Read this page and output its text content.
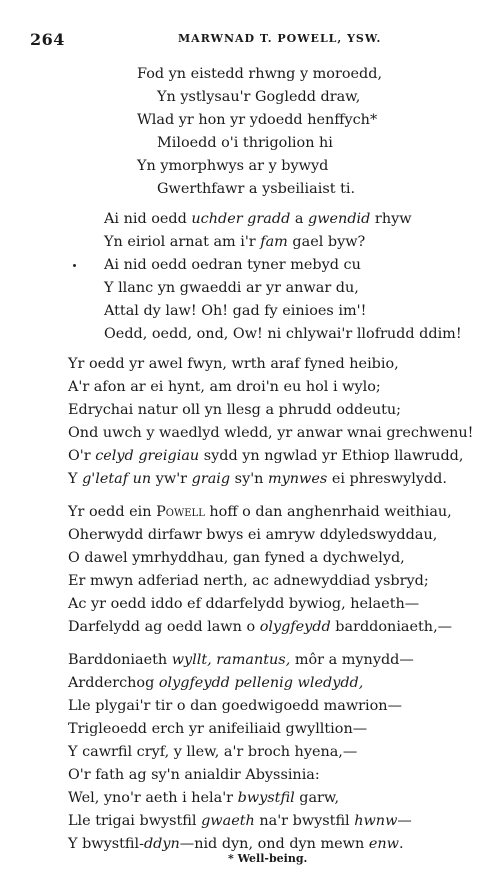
264	MARWNAD T. POWELL, YSW.
Fod yn eistedd rhwng y moroedd,
Yn ystlysau'r Gogledd draw,
Wlad yr hon yr ydoedd henffych*
Miloedd o'i thrigolion hi
Yn ymorphwys ar y bywyd
Gwerthfawr a ysbeiliaist ti.
Ai nid oedd uchder gradd a gwendid rhyw
Yn eiriol arnat am i'r fam gael byw?
Ai nid oedd oedran tyner mebyd cu
Y llanc yn gwaeddi ar yr anwar du,
Attal dy law! Oh! gad fy einioes im'!
Oedd, oedd, ond, Ow! ni chlywai'r llofrudd ddim!
Yr oedd yr awel fwyn, wrth araf fyned heibio,
A'r afon ar ei hynt, am droi'n eu hol i wylo;
Edrychai natur oll yn llesg a phrudd oddeutu;
Ond uwch y waedlyd wledd, yr anwar wnai grechwenu!
O'r celyd greigiau sydd yn ngwlad yr Ethiop llawrudd,
Y g'letaf un yw'r graig sy'n mynwes ei phreswylydd.
Yr oedd ein Powell hoff o dan anghenrhaid weithiau,
Oherwydd dirfawr bwys ei amryw ddyledswyddau,
O dawel ymrhyddhau, gan fyned a dychwelyd,
Er mwyn adferiad nerth, ac adnewyddiad ysbryd;
Ac yr oedd iddo ef ddarfelydd bywiog, helaeth—
Darfelydd ag oedd lawn o olygfeydd barddoniaeth,—
Barddoniaeth wyllt, ramantus, môr a mynydd—
Ardderchog olygfeydd pellenig wledydd,
Lle plygai'r tir o dan goedwigoedd mawrion—
Trigleoedd erch yr anifeiliaid gwylltion—
Y cawrfil cryf, y llew, a'r broch hyena,—
O'r fath ag sy'n anialdir Abyssinia:
Wel, yno'r aeth i hela'r bwystfil garw,
Lle trigai bwystfil gwaeth na'r bwystfil hwnw—
Y bwystfil-ddyn—nid dyn, ond dyn mewn enw.
* Well-being.
